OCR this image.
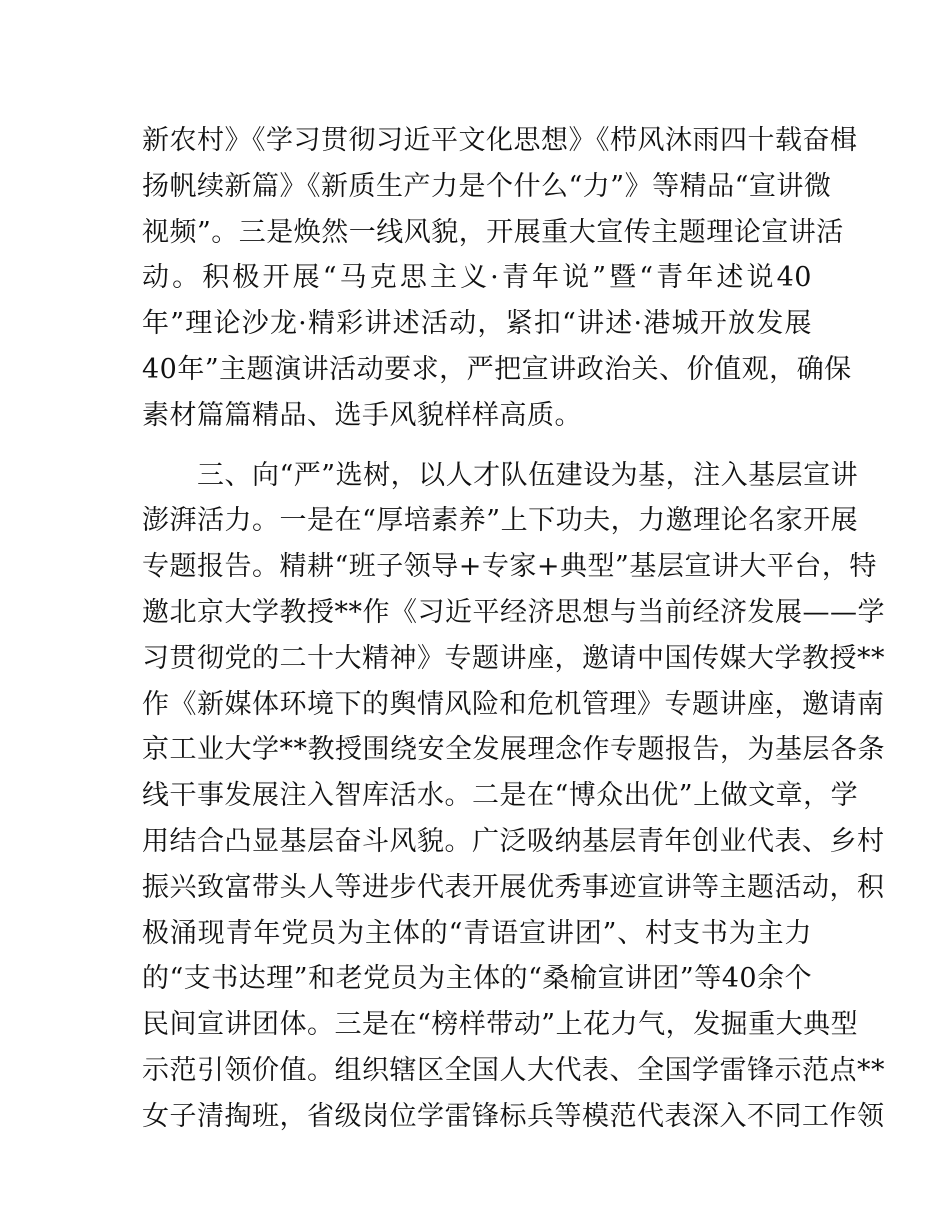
新农村》《学习贯彻习近平文化思想》《栉风沐雨四十载奋楫
扬帆续新篇》《新质生产力是个什么“力”》等精品“宣讲微
视频”。三是焕然一线风貌，开展重大宣传主题理论宣讲活
动。积极开展“马克思主义·青年说”暨“青年述说40
年”理论沙龙·精彩讲述活动，紧扣“讲述·港城开放发展
40年”主题演讲活动要求，严把宣讲政治关、价值观，确保
素材篇篇精品、选手风貌样样高质。
　　三、向“严”选树，以人才队伍建设为基，注入基层宣讲
澎湃活力。一是在“厚培素养”上下功夫，力邀理论名家开展
专题报告。精耕“班子领导+专家+典型”基层宣讲大平台，特
邀北京大学教授**作《习近平经济思想与当前经济发展——学
习贯彻党的二十大精神》专题讲座，邀请中国传媒大学教授**
作《新媒体环境下的舆情风险和危机管理》专题讲座，邀请南
京工业大学**教授围绕安全发展理念作专题报告，为基层各条
线干事发展注入智库活水。二是在“博众出优”上做文章，学
用结合凸显基层奋斗风貌。广泛吸纳基层青年创业代表、乡村
振兴致富带头人等进步代表开展优秀事迹宣讲等主题活动，积
极涌现青年党员为主体的“青语宣讲团”、村支书为主力
的“支书达理”和老党员为主体的“桑榆宣讲团”等40余个
民间宣讲团体。三是在“榜样带动”上花力气，发掘重大典型
示范引领价值。组织辖区全国人大代表、全国学雷锋示范点**
女子清掏班，省级岗位学雷锋标兵等模范代表深入不同工作领
